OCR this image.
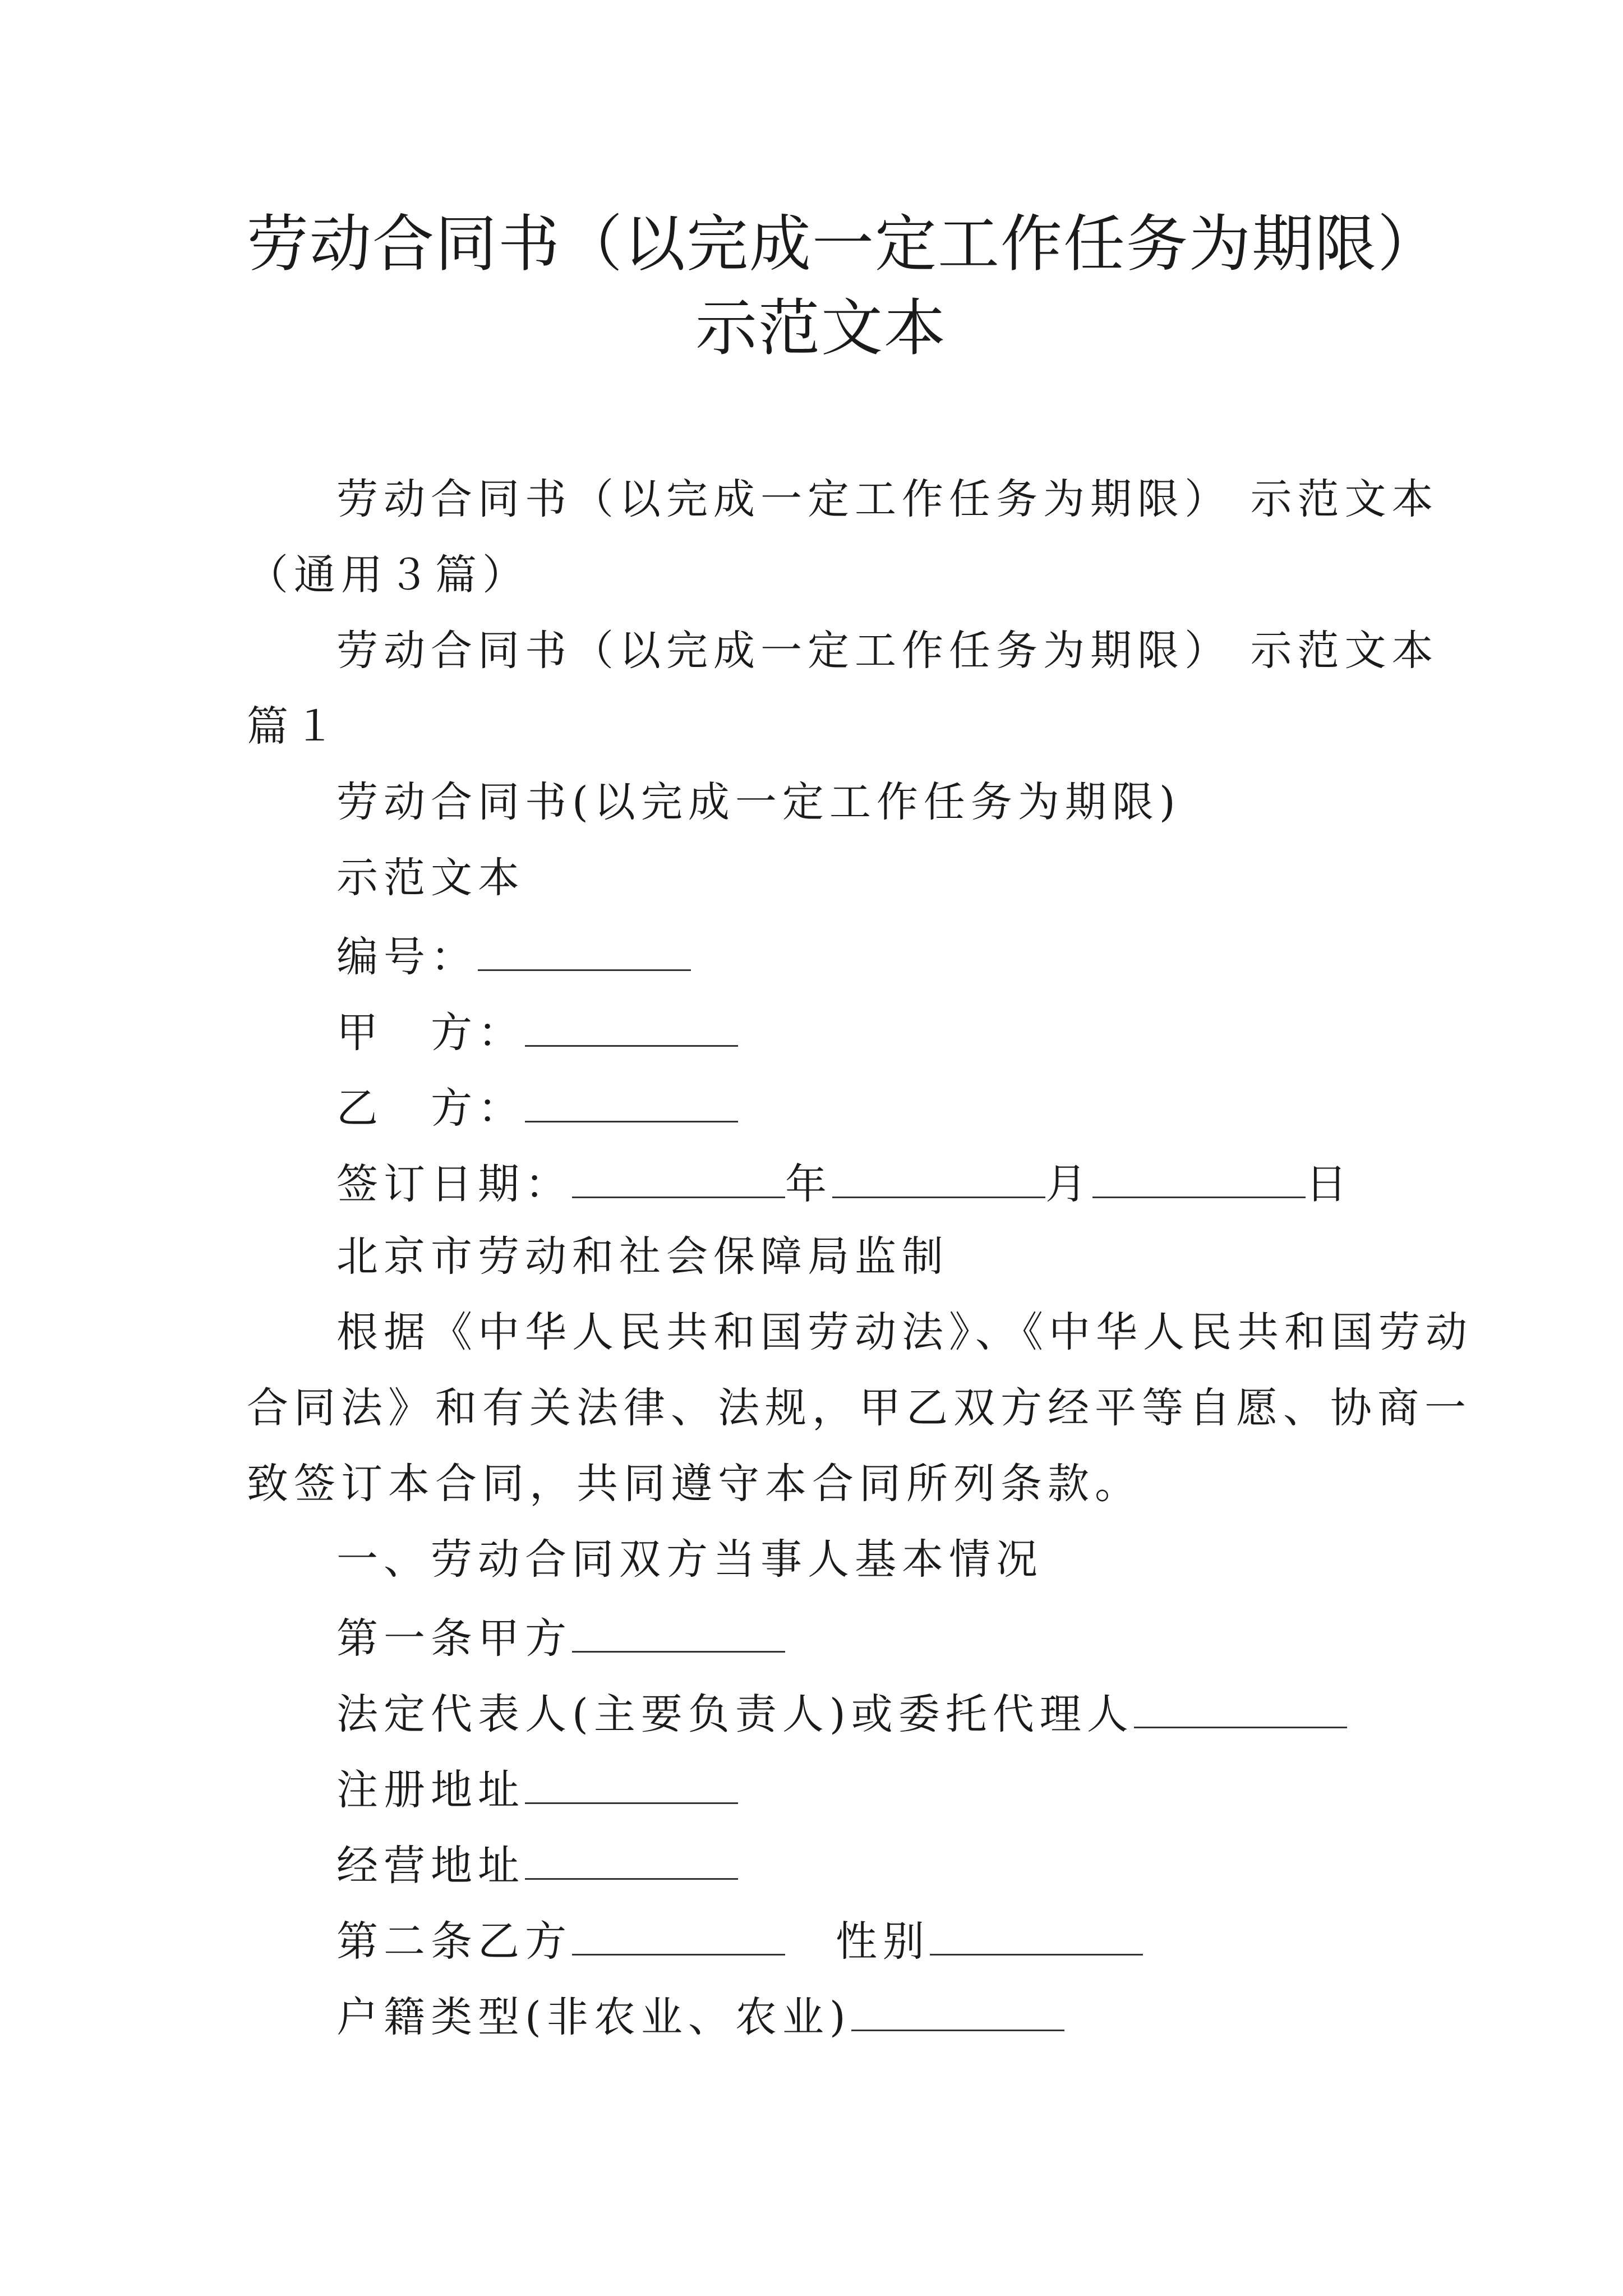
劳动合同书（以完成一定工作任务为期限）
示范文本
劳动合同书（以完成一定工作任务为期限） 示范文本
（通用３篇）
劳动合同书（以完成一定工作任务为期限） 示范文本
篇１
劳动合同书(以完成一定工作任务为期限)
示范文本
编号：
甲　方：
乙　方：
签订日期：	年	月	日
北京市劳动和社会保障局监制
根据《中华人民共和国劳动法》、《中华人民共和国劳动
合同法》和有关法律、法规，甲乙双方经平等自愿、协商一
致签订本合同，共同遵守本合同所列条款。
一、劳动合同双方当事人基本情况
第一条甲方
法定代表人(主要负责人)或委托代理人
注册地址
经营地址
第二条乙方	性别
户籍类型(非农业、农业)
